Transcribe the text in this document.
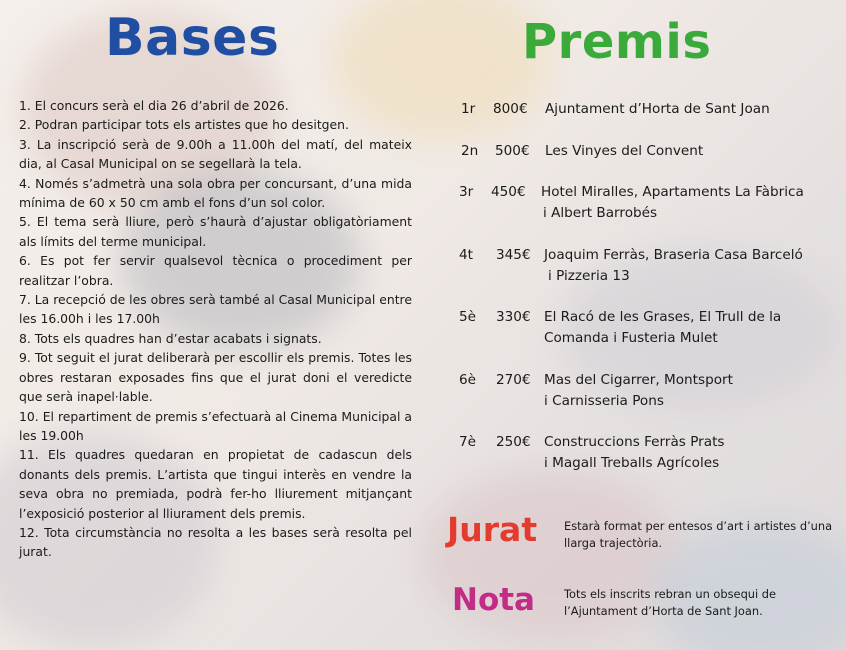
Bases	Premis
1. El concurs serà el dia 26 d’abril de 2026.
2. Podran participar tots els artistes que ho desitgen.
3. La inscripció serà de 9.00h a 11.00h del matí, del mateix dia, al Casal Municipal on se segellarà la tela.
4. Només s’admetrà una sola obra per concursant, d’una mida mínima de 60 x 50 cm amb el fons d’un sol color.
5. El tema serà lliure, però s’haurà d’ajustar obligatòriament als límits del terme municipal.
6. Es pot fer servir qualsevol tècnica o procediment per realitzar l’obra.
7. La recepció de les obres serà també al Casal Municipal entre les 16.00h i les 17.00h
8. Tots els quadres han d’estar acabats i signats.
9. Tot seguit el jurat deliberarà per escollir els premis. Totes les obres restaran exposades fins que el jurat doni el veredicte que serà inapel·lable.
10. El repartiment de premis s’efectuarà al Cinema Municipal a les 19.00h
11. Els quadres quedaran en propietat de cadascun dels donants dels premis. L’artista que tingui interès en vendre la seva obra no premiada, podrà fer-ho lliurement mitjançant l’exposició posterior al lliurament dels premis.
12. Tota circumstància no resolta a les bases serà resolta pel jurat.
1r 800€ Ajuntament d’Horta de Sant Joan
2n 500€ Les Vinyes del Convent
3r 450€ Hotel Miralles, Apartaments La Fàbrica
i Albert Barrobés
4t 345€ Joaquim Ferràs, Braseria Casa Barceló
i Pizzeria 13
5è 330€ El Racó de les Grases, El Trull de la
Comanda i Fusteria Mulet
6è 270€ Mas del Cigarrer, Montsport
i Carnisseria Pons
7è 250€ Construccions Ferràs Prats
i Magall Treballs Agrícoles
Jurat Estarà format per entesos d’art i artistes d’una llarga trajectòria.
Nota	Tots els inscrits rebran un obsequi de l’Ajuntament d’Horta de Sant Joan.
